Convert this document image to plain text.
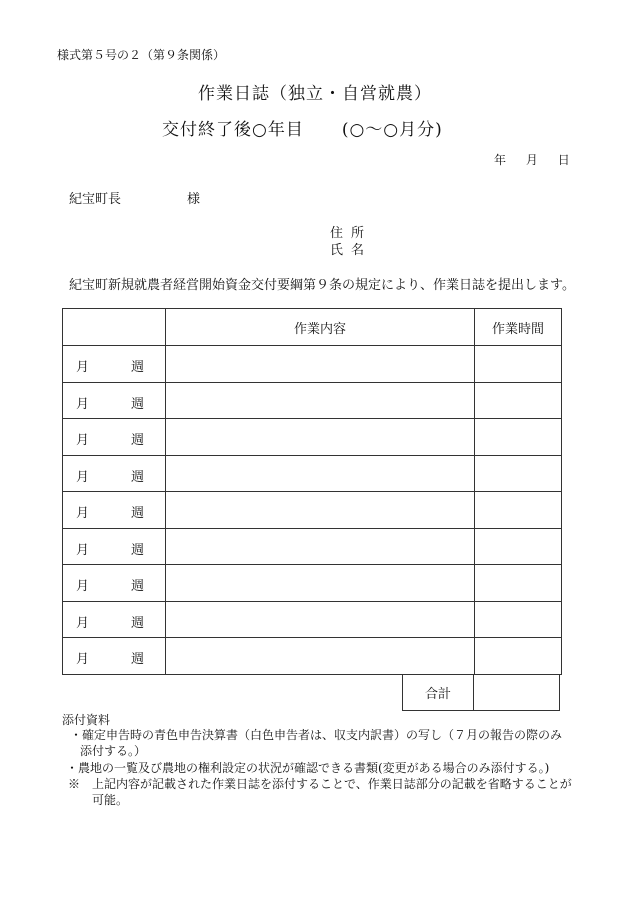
様式第５号の２（第９条関係）
作業日誌（独立・自営就農）
交付終了後○年目 (○～○月分)
年 月 日
紀宝町長	様
住所
氏名
紀宝町新規就農者経営開始資金交付要綱第９条の規定により、作業日誌を提出します。
	作業内容	作業時間

月 週		

月 週		

月 週		

月 週		

月 週		

月 週		

月 週		

月 週		

月 週		

合計	
添付資料
・確定申告時の青色申告決算書（白色申告者は、収支内訳書）の写し（７月の報告の際のみ添付する。）
・農地の一覧及び農地の権利設定の状況が確認できる書類(変更がある場合のみ添付する。)
※　上記内容が記載された作業日誌を添付することで、作業日誌部分の記載を省略することが可能。
